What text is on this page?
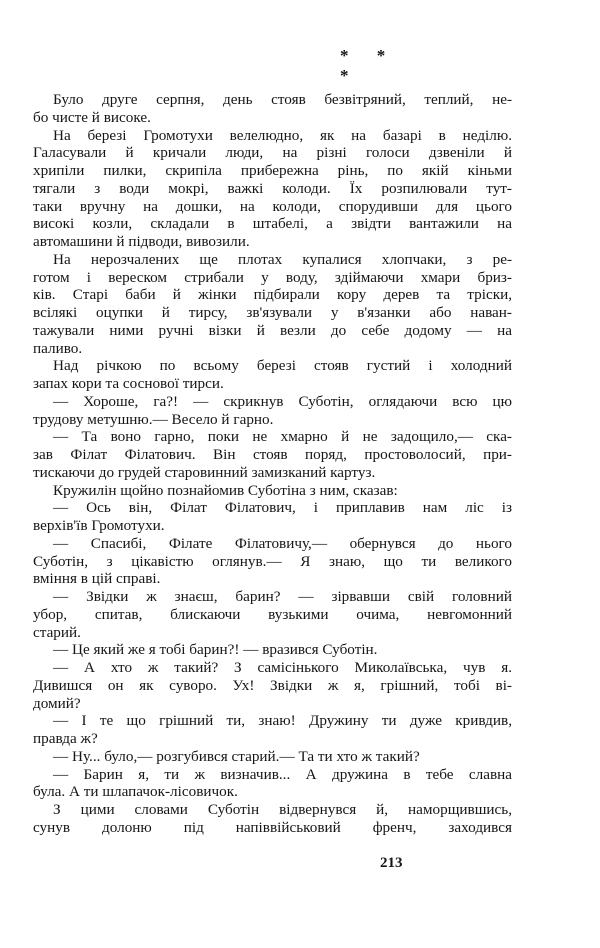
* * *
Було друге серпня, день стояв безвітряний, теплий, не-
бо чисте й високе.
На березі Громотухи велелюдно, як на базарі в неділю.
Галасували й кричали люди, на різні голоси дзвеніли й
хрипіли пилки, скрипіла прибережна рінь, по якій кіньми
тягали з води мокрі, важкі колоди. Їх розпилювали тут-
таки вручну на дошки, на колоди, спорудивши для цього
високі козли, складали в штабелі, а звідти вантажили на
автомашини й підводи, вивозили.
На нерозчалених ще плотах купалися хлопчаки, з ре-
готом і вереском стрибали у воду, здіймаючи хмари бриз-
ків. Старі баби й жінки підбирали кору дерев та тріски,
всілякі оцупки й тирсу, зв'язували у в'язанки або наван-
тажували ними ручні візки й везли до себе додому — на
паливо.
Над річкою по всьому березі стояв густий і холодний
запах кори та соснової тирси.
— Хороше, га?! — скрикнув Суботін, оглядаючи всю цю
трудову метушню.— Весело й гарно.
— Та воно гарно, поки не хмарно й не задощило,— ска-
зав Філат Філатович. Він стояв поряд, простоволосий, при-
тискаючи до грудей старовинний замизканий картуз.
Кружилін щойно познайомив Суботіна з ним, сказав:
— Ось він, Філат Філатович, і приплавив нам ліс із
верхів'їв Громотухи.
— Спасибі, Філате Філатовичу,— обернувся до нього
Суботін, з цікавістю оглянув.— Я знаю, що ти великого
вміння в цій справі.
— Звідки ж знаєш, барин? — зірвавши свій головний
убор, спитав, блискаючи вузькими очима, невгомонний
старий.
— Це який же я тобі барин?! — вразився Суботін.
— А хто ж такий? З самісінького Миколаївська, чув я.
Дивишся он як суворо. Ух! Звідки ж я, грішний, тобі ві-
домий?
— І те що грішний ти, знаю! Дружину ти дуже кривдив,
правда ж?
— Ну... було,— розгубився старий.— Та ти хто ж такий?
— Барин я, ти ж визначив... А дружина в тебе славна
була. А ти шлапачок-лісовичок.
З цими словами Суботін відвернувся й, наморщившись,
сунув долоню під напіввійськовий френч, заходився
213
